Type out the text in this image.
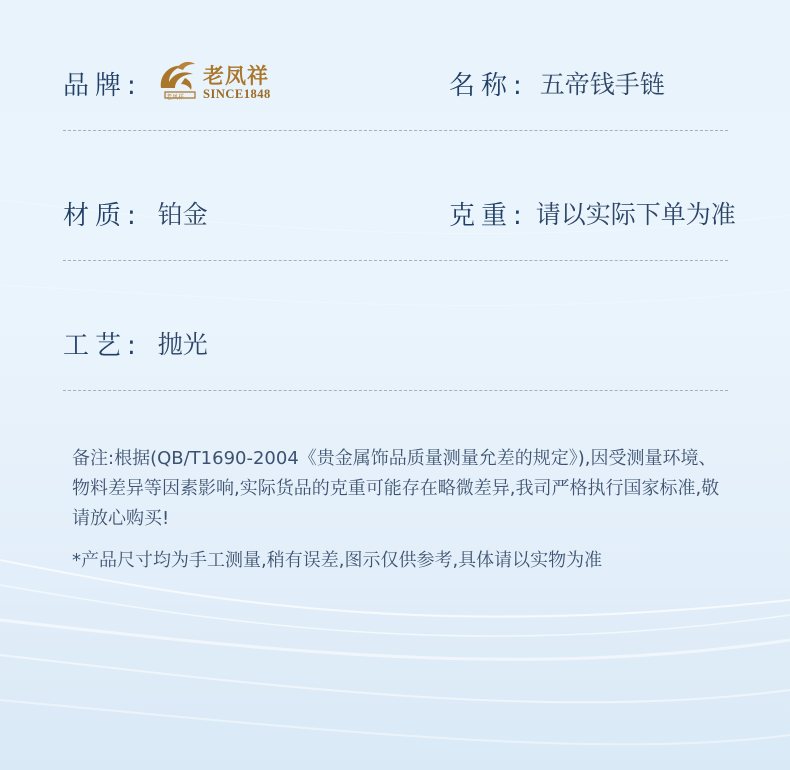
品牌:	名称: 五帝钱手链
老凤祥
老凤祥
SINCE1848
材质: 铂金	克重: 请以实际下单为准
工艺: 抛光

备注:根据(QB/T1690-2004《贵金属饰品质量测量允差的规定》),因受测量环境、物料差异等因素影响,实际货品的克重可能存在略微差异,我司严格执行国家标准,敬请放心购买!

*产品尺寸均为手工测量,稍有误差,图示仅供参考,具体请以实物为准
